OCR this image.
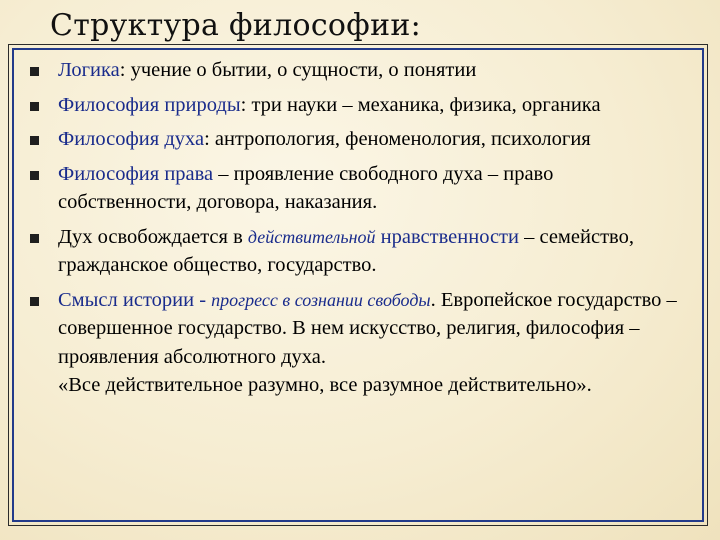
Структура философии:
Логика: учение о бытии, о сущности, о понятии
Философия природы: три науки – механика, физика, органика
Философия духа: антропология, феноменология, психология
Философия права – проявление свободного духа – право собственности, договора, наказания.
Дух освобождается в действительной нравственности – семейство, гражданское общество, государство.
Смысл истории - прогресс в сознании свободы. Европейское государство – совершенное государство. В нем искусство, религия, философия – проявления абсолютного духа.
«Все действительное разумно, все разумное действительно».
